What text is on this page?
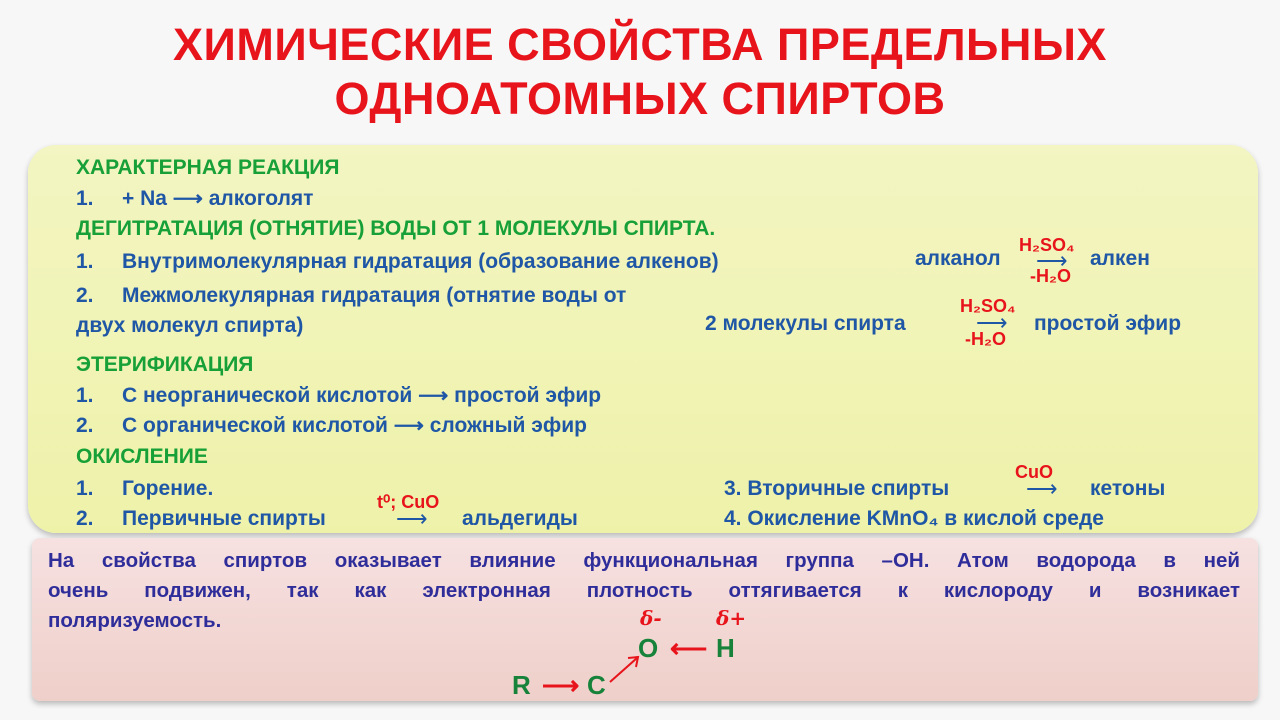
ХИМИЧЕСКИЕ СВОЙСТВА ПРЕДЕЛЬНЫХ
ОДНОАТОМНЫХ СПИРТОВ
ХАРАКТЕРНАЯ РЕАКЦИЯ
1. + Na ⟶ алкоголят
ДЕГИТРАТАЦИЯ (ОТНЯТИЕ) ВОДЫ ОТ 1 МОЛЕКУЛЫ СПИРТА.
1. Внутримолекулярная гидратация (образование алкенов)
2. Межмолекулярная гидратация (отнятие воды от
двух молекул спирта)
алканол
H₂SO₄
⟶
-H₂O
алкен
2 молекулы спирта
H₂SO₄
⟶
-H₂O
простой эфир
ЭТЕРИФИКАЦИЯ
1. С неорганической кислотой ⟶ простой эфир
2. С органической кислотой ⟶ сложный эфир
ОКИСЛЕНИЕ
1. Горение.
2. Первичные спирты
t⁰; CuO
⟶ альдегиды
3. Вторичные спирты
CuO
⟶ кетоны
4. Окисление KMnO₄ в кислой среде
На свойства спиртов оказывает влияние функциональная группа –ОН. Атом водорода в ней
очень подвижен, так как электронная плотность оттягивается к кислороду и возникает
поляризуемость.	δ-	δ+
O ⟵ H
R ⟶ C
